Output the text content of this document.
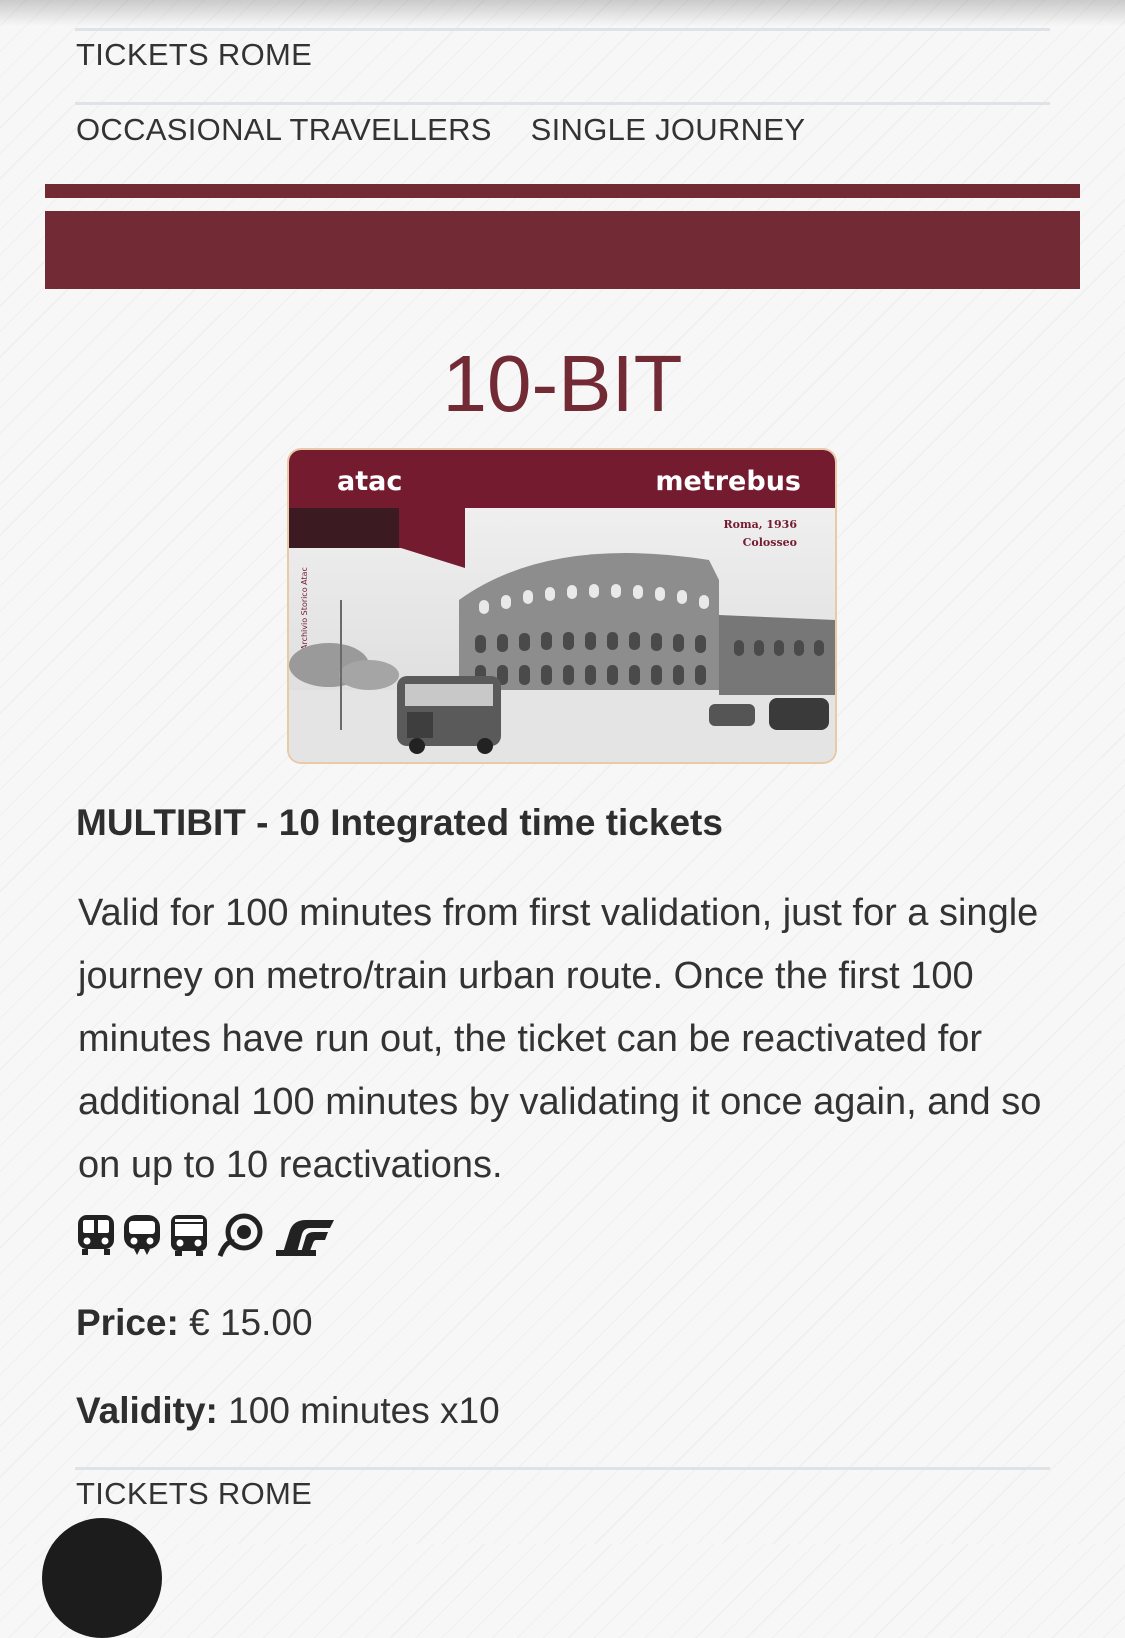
TICKETS ROME
OCCASIONAL TRAVELLERS SINGLE JOURNEY
10-BIT
atac	metrebus
Roma, 1936
Colosseo
Archivio Storico Atac
MULTIBIT - 10 Integrated time tickets

Valid for 100 minutes from first validation, just for a single journey on metro/train urban route. Once the first 100 minutes have run out, the ticket can be reactivated for additional 100 minutes by validating it once again, and so on up to 10 reactivations.

Price: € 15.00
Validity: 100 minutes x10
TICKETS ROME
